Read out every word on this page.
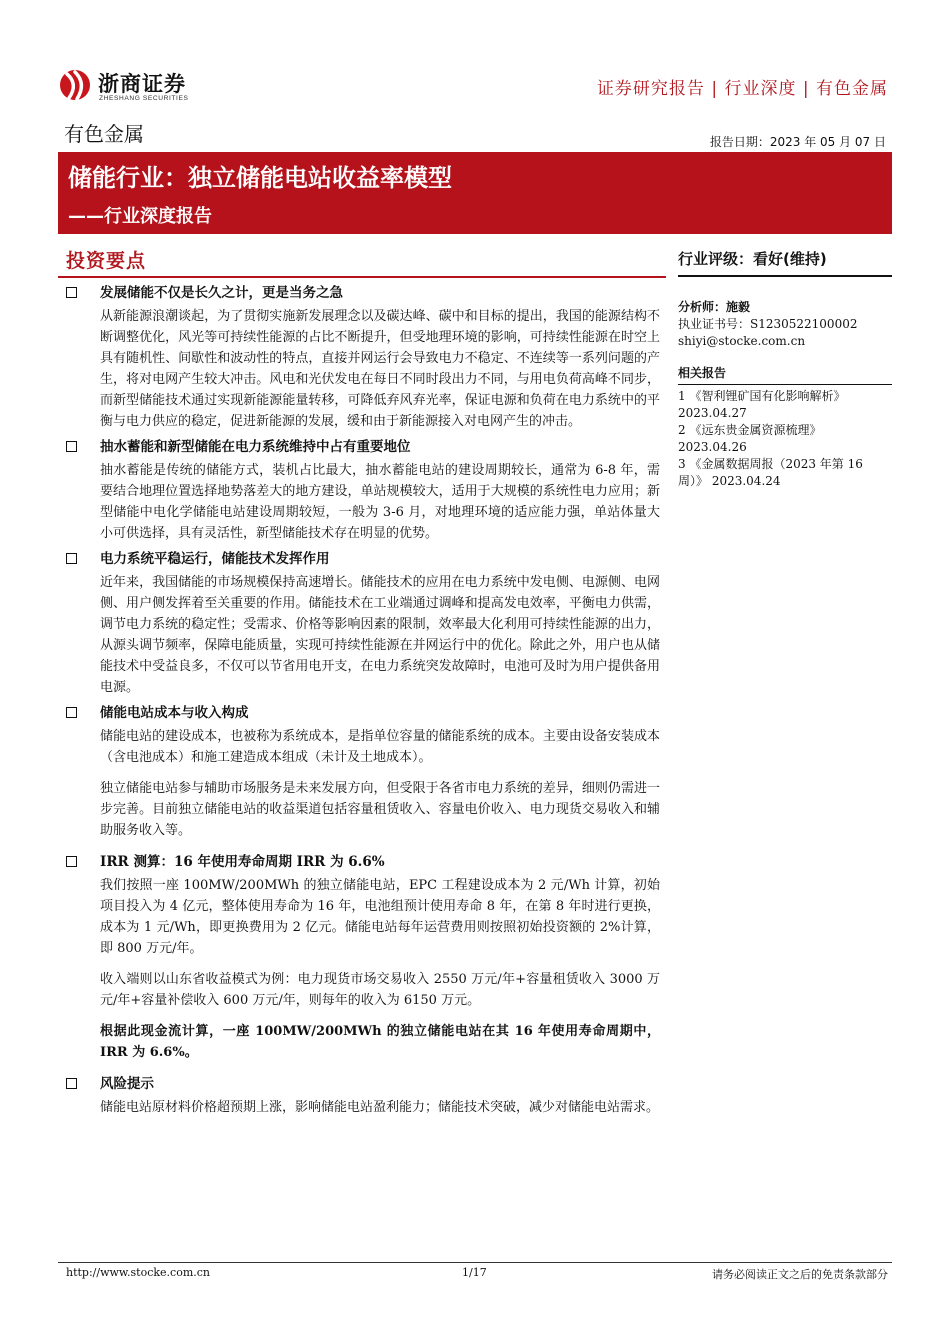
浙商证券
ZHESHANG SECURITIES	证券研究报告 | 行业深度 | 有色金属
有色金属	报告日期：2023 年 05 月 07 日
储能行业：独立储能电站收益率模型
——行业深度报告
投资要点
发展储能不仅是长久之计，更是当务之急

从新能源浪潮谈起，为了贯彻实施新发展理念以及碳达峰、碳中和目标的提出，我国的能源结构不断调整优化，风光等可持续性能源的占比不断提升，但受地理环境的影响，可持续性能源在时空上具有随机性、间歇性和波动性的特点，直接并网运行会导致电力不稳定、不连续等一系列问题的产生，将对电网产生较大冲击。风电和光伏发电在每日不同时段出力不同，与用电负荷高峰不同步，而新型储能技术通过实现新能源能量转移，可降低弃风弃光率，保证电源和负荷在电力系统中的平衡与电力供应的稳定，促进新能源的发展，缓和由于新能源接入对电网产生的冲击。

抽水蓄能和新型储能在电力系统维持中占有重要地位

抽水蓄能是传统的储能方式，装机占比最大，抽水蓄能电站的建设周期较长，通常为 6-8 年，需要结合地理位置选择地势落差大的地方建设，单站规模较大，适用于大规模的系统性电力应用；新型储能中电化学储能电站建设周期较短，一般为 3-6 月，对地理环境的适应能力强，单站体量大小可供选择，具有灵活性，新型储能技术存在明显的优势。

电力系统平稳运行，储能技术发挥作用

近年来，我国储能的市场规模保持高速增长。储能技术的应用在电力系统中发电侧、电源侧、电网侧、用户侧发挥着至关重要的作用。储能技术在工业端通过调峰和提高发电效率，平衡电力供需，调节电力系统的稳定性；受需求、价格等影响因素的限制，效率最大化利用可持续性能源的出力，从源头调节频率，保障电能质量，实现可持续性能源在并网运行中的优化。除此之外，用户也从储能技术中受益良多，不仅可以节省用电开支，在电力系统突发故障时，电池可及时为用户提供备用电源。

储能电站成本与收入构成

储能电站的建设成本，也被称为系统成本，是指单位容量的储能系统的成本。主要由设备安装成本（含电池成本）和施工建造成本组成（未计及土地成本）。

独立储能电站参与辅助市场服务是未来发展方向，但受限于各省市电力系统的差异，细则仍需进一步完善。目前独立储能电站的收益渠道包括容量租赁收入、容量电价收入、电力现货交易收入和辅助服务收入等。

IRR 测算：16 年使用寿命周期 IRR 为 6.6%

我们按照一座 100MW/200MWh 的独立储能电站，EPC 工程建设成本为 2 元/Wh 计算，初始项目投入为 4 亿元，整体使用寿命为 16 年，电池组预计使用寿命 8 年，在第 8 年时进行更换，成本为 1 元/Wh，即更换费用为 2 亿元。储能电站每年运营费用则按照初始投资额的 2%计算，即 800 万元/年。

收入端则以山东省收益模式为例：电力现货市场交易收入 2550 万元/年+容量租赁收入 3000 万元/年+容量补偿收入 600 万元/年，则每年的收入为 6150 万元。

根据此现金流计算，一座 100MW/200MWh 的独立储能电站在其 16 年使用寿命周期中，IRR 为 6.6%。

风险提示

储能电站原材料价格超预期上涨，影响储能电站盈利能力；储能技术突破，减少对储能电站需求。

行业评级：看好(维持)
分析师：施毅
执业证书号：S1230522100002
shiyi@stocke.com.cn
相关报告
1 《智利锂矿国有化影响解析》
2023.04.27
2 《远东贵金属资源梳理》
2023.04.26
3 《金属数据周报（2023 年第 16 周）》 2023.04.24
http://www.stocke.com.cn	1/17	请务必阅读正文之后的免责条款部分
